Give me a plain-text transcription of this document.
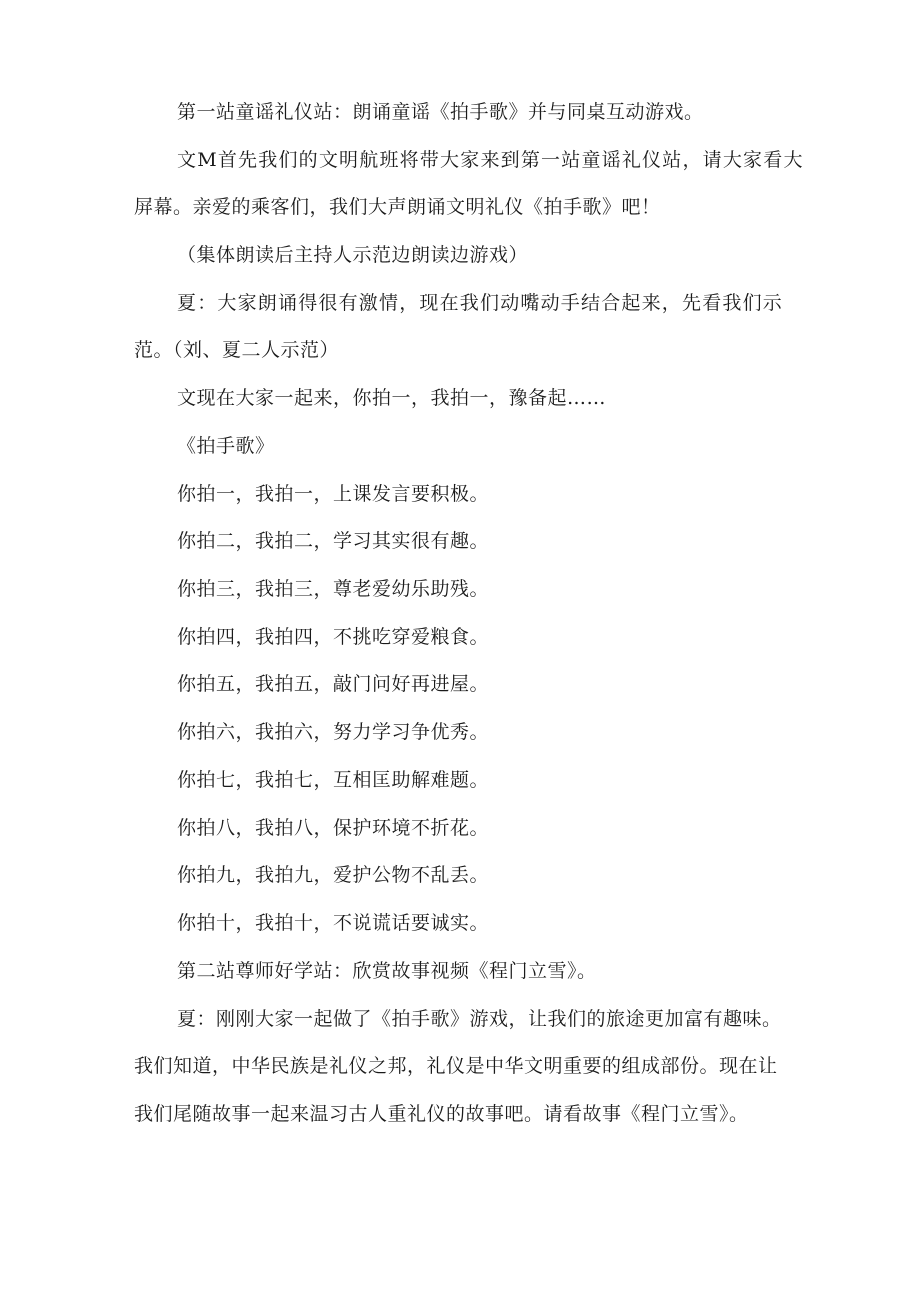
第一站童谣礼仪站：朗诵童谣《拍手歌》并与同桌互动游戏。

文M首先我们的文明航班将带大家来到第一站童谣礼仪站，请大家看大

屏幕。亲爱的乘客们，我们大声朗诵文明礼仪《拍手歌》吧！

（集体朗读后主持人示范边朗读边游戏）

夏：大家朗诵得很有激情，现在我们动嘴动手结合起来，先看我们示

范。（刘、夏二人示范）

文现在大家一起来，你拍一，我拍一，豫备起……

《拍手歌》

你拍一，我拍一，上课发言要积极。

你拍二，我拍二，学习其实很有趣。

你拍三，我拍三，尊老爱幼乐助残。

你拍四，我拍四，不挑吃穿爱粮食。

你拍五，我拍五，敲门问好再进屋。

你拍六，我拍六，努力学习争优秀。

你拍七，我拍七，互相匡助解难题。

你拍八，我拍八，保护环境不折花。

你拍九，我拍九，爱护公物不乱丢。

你拍十，我拍十，不说谎话要诚实。

第二站尊师好学站：欣赏故事视频《程门立雪》。

夏：刚刚大家一起做了《拍手歌》游戏，让我们的旅途更加富有趣味。

我们知道，中华民族是礼仪之邦，礼仪是中华文明重要的组成部份。现在让

我们尾随故事一起来温习古人重礼仪的故事吧。请看故事《程门立雪》。
